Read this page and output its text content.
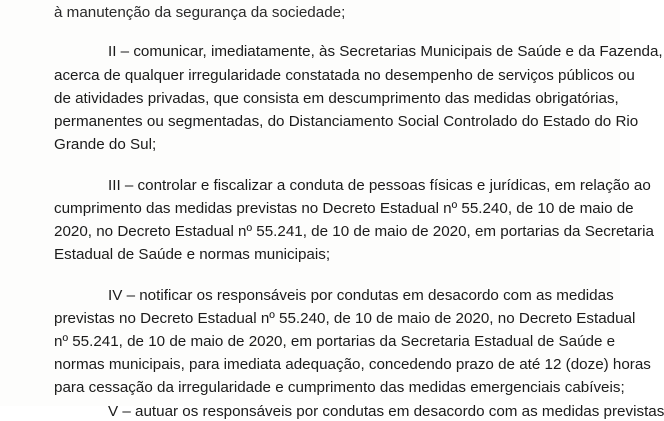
à manutenção da segurança da sociedade;
II – comunicar, imediatamente, às Secretarias Municipais de Saúde e da Fazenda,
acerca de qualquer irregularidade constatada no desempenho de serviços públicos ou
de atividades privadas, que consista em descumprimento das medidas obrigatórias,
permanentes ou segmentadas, do Distanciamento Social Controlado do Estado do Rio
Grande do Sul;
III – controlar e fiscalizar a conduta de pessoas físicas e jurídicas, em relação ao
cumprimento das medidas previstas no Decreto Estadual nº 55.240, de 10 de maio de
2020, no Decreto Estadual nº 55.241, de 10 de maio de 2020, em portarias da Secretaria
Estadual de Saúde e normas municipais;
IV – notificar os responsáveis por condutas em desacordo com as medidas
previstas no Decreto Estadual nº 55.240, de 10 de maio de 2020, no Decreto Estadual
nº 55.241, de 10 de maio de 2020, em portarias da Secretaria Estadual de Saúde e
normas municipais, para imediata adequação, concedendo prazo de até 12 (doze) horas
para cessação da irregularidade e cumprimento das medidas emergenciais cabíveis;
V – autuar os responsáveis por condutas em desacordo com as medidas previstas
